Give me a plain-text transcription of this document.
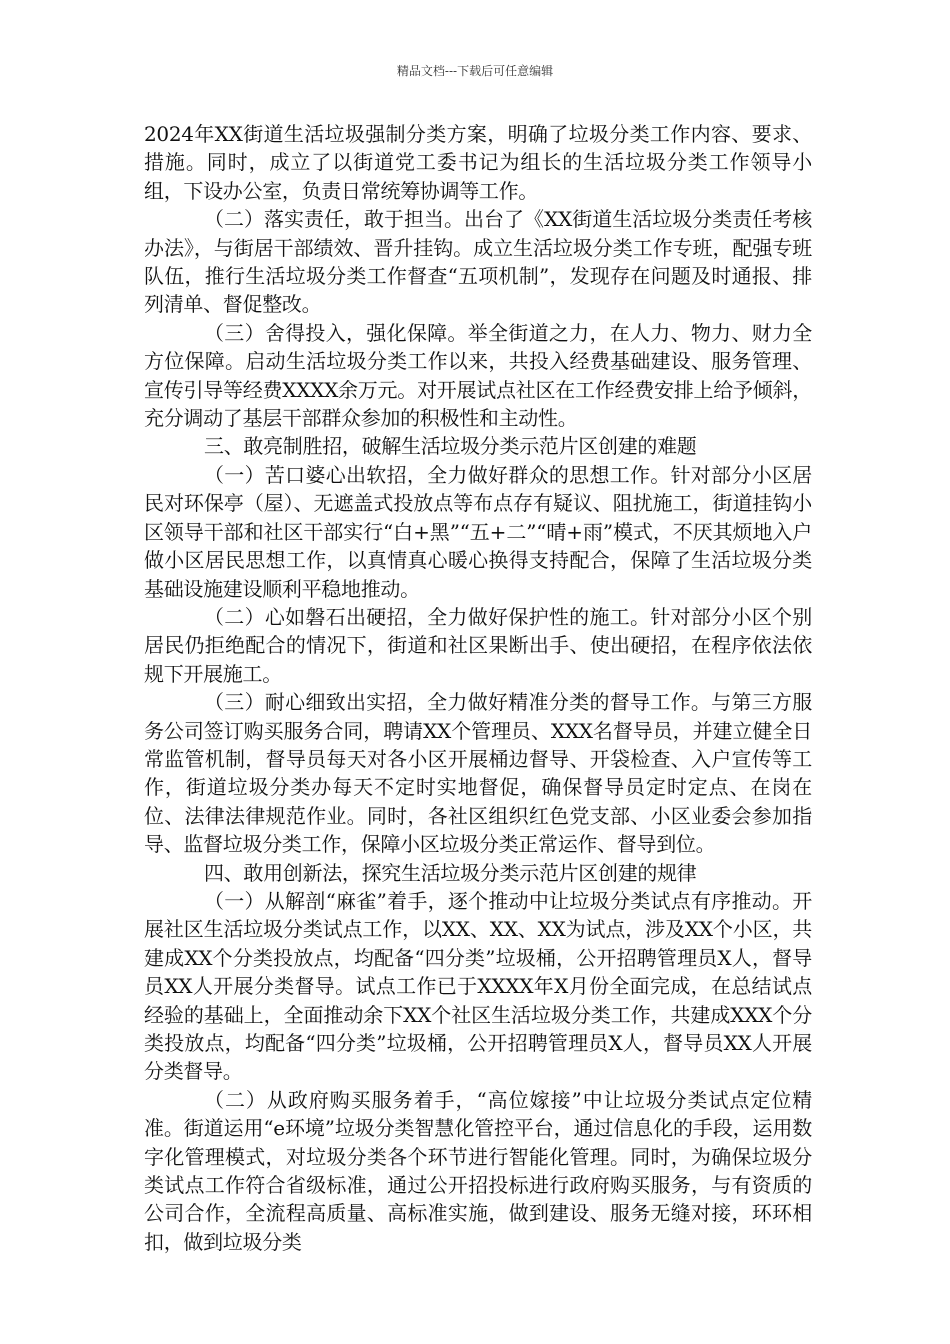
精品文档---下载后可任意编辑

2024年XX街道生活垃圾强制分类方案，明确了垃圾分类工作内容、要求、措施。同时，成立了以街道党工委书记为组长的生活垃圾分类工作领导小组，下设办公室，负责日常统筹协调等工作。

（二）落实责任，敢于担当。出台了《XX街道生活垃圾分类责任考核办法》，与街居干部绩效、晋升挂钩。成立生活垃圾分类工作专班，配强专班队伍，推行生活垃圾分类工作督查“五项机制”，发现存在问题及时通报、排列清单、督促整改。

（三）舍得投入，强化保障。举全街道之力，在人力、物力、财力全方位保障。启动生活垃圾分类工作以来，共投入经费基础建设、服务管理、宣传引导等经费XXXX余万元。对开展试点社区在工作经费安排上给予倾斜，充分调动了基层干部群众参加的积极性和主动性。

三、敢亮制胜招，破解生活垃圾分类示范片区创建的难题

（一）苦口婆心出软招，全力做好群众的思想工作。针对部分小区居民对环保亭（屋）、无遮盖式投放点等布点存有疑议、阻扰施工，街道挂钩小区领导干部和社区干部实行“白+黑”“五+二”“晴+雨”模式，不厌其烦地入户做小区居民思想工作，以真情真心暖心换得支持配合，保障了生活垃圾分类基础设施建设顺利平稳地推动。

（二）心如磐石出硬招，全力做好保护性的施工。针对部分小区个别居民仍拒绝配合的情况下，街道和社区果断出手、使出硬招，在程序依法依规下开展施工。

（三）耐心细致出实招，全力做好精准分类的督导工作。与第三方服务公司签订购买服务合同，聘请XX个管理员、XXX名督导员，并建立健全日常监管机制，督导员每天对各小区开展桶边督导、开袋检查、入户宣传等工作，街道垃圾分类办每天不定时实地督促，确保督导员定时定点、在岗在位、法律法律规范作业。同时，各社区组织红色党支部、小区业委会参加指导、监督垃圾分类工作，保障小区垃圾分类正常运作、督导到位。

四、敢用创新法，探究生活垃圾分类示范片区创建的规律

（一）从解剖“麻雀”着手，逐个推动中让垃圾分类试点有序推动。开展社区生活垃圾分类试点工作，以XX、XX、XX为试点，涉及XX个小区，共建成XX个分类投放点，均配备“四分类”垃圾桶，公开招聘管理员X人，督导员XX人开展分类督导。试点工作已于XXXX年X月份全面完成，在总结试点经验的基础上，全面推动余下XX个社区生活垃圾分类工作，共建成XXX个分类投放点，均配备“四分类”垃圾桶，公开招聘管理员X人，督导员XX人开展分类督导。

（二）从政府购买服务着手，“高位嫁接”中让垃圾分类试点定位精准。街道运用“e环境”垃圾分类智慧化管控平台，通过信息化的手段，运用数字化管理模式，对垃圾分类各个环节进行智能化管理。同时，为确保垃圾分类试点工作符合省级标准，通过公开招投标进行政府购买服务，与有资质的公司合作，全流程高质量、高标准实施，做到建设、服务无缝对接，环环相扣，做到垃圾分类
